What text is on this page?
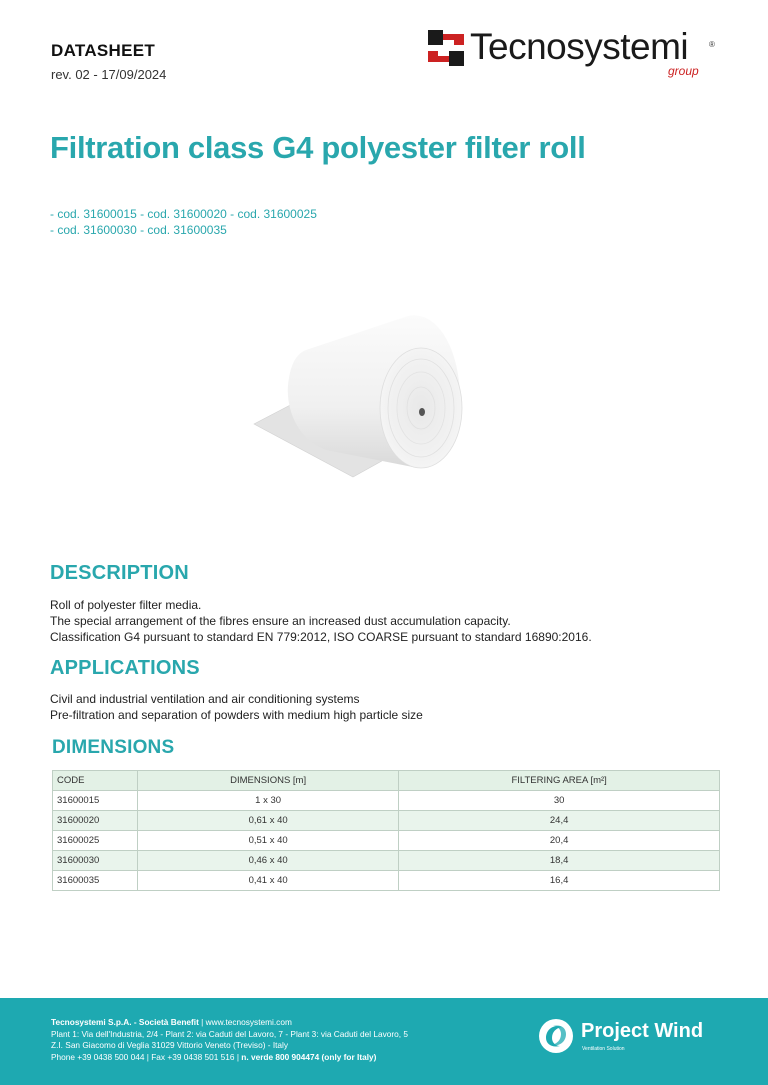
DATASHEET
rev. 02 - 17/09/2024
Tecnosystemi	®
group
Filtration class G4 polyester filter roll
- cod. 31600015 - cod. 31600020 - cod. 31600025
- cod. 31600030 - cod. 31600035
DESCRIPTION
Roll of polyester filter media.
The special arrangement of the fibres ensure an increased dust accumulation capacity.
Classification G4 pursuant to standard EN 779:2012, ISO COARSE pursuant to standard 16890:2016.
APPLICATIONS
Civil and industrial ventilation and air conditioning systems
Pre-filtration and separation of powders with medium high particle size
DIMENSIONS
CODE	DIMENSIONS [m]	FILTERING AREA [m²]
31600015	1 x 30	30
31600020	0,61 x 40	24,4
31600025	0,51 x 40	20,4
31600030	0,46 x 40	18,4
31600035	0,41 x 40	16,4
Tecnosystemi S.p.A. - Società Benefit | www.tecnosystemi.com
Plant 1: Via dell'Industria, 2/4 - Plant 2: via Caduti del Lavoro, 7 - Plant 3: via Caduti del Lavoro, 5
Z.I. San Giacomo di Veglia 31029 Vittorio Veneto (Treviso) - Italy
Phone +39 0438 500 044 | Fax +39 0438 501 516 | n. verde 800 904474 (only for Italy)
Project Wind
Ventilation Solution
